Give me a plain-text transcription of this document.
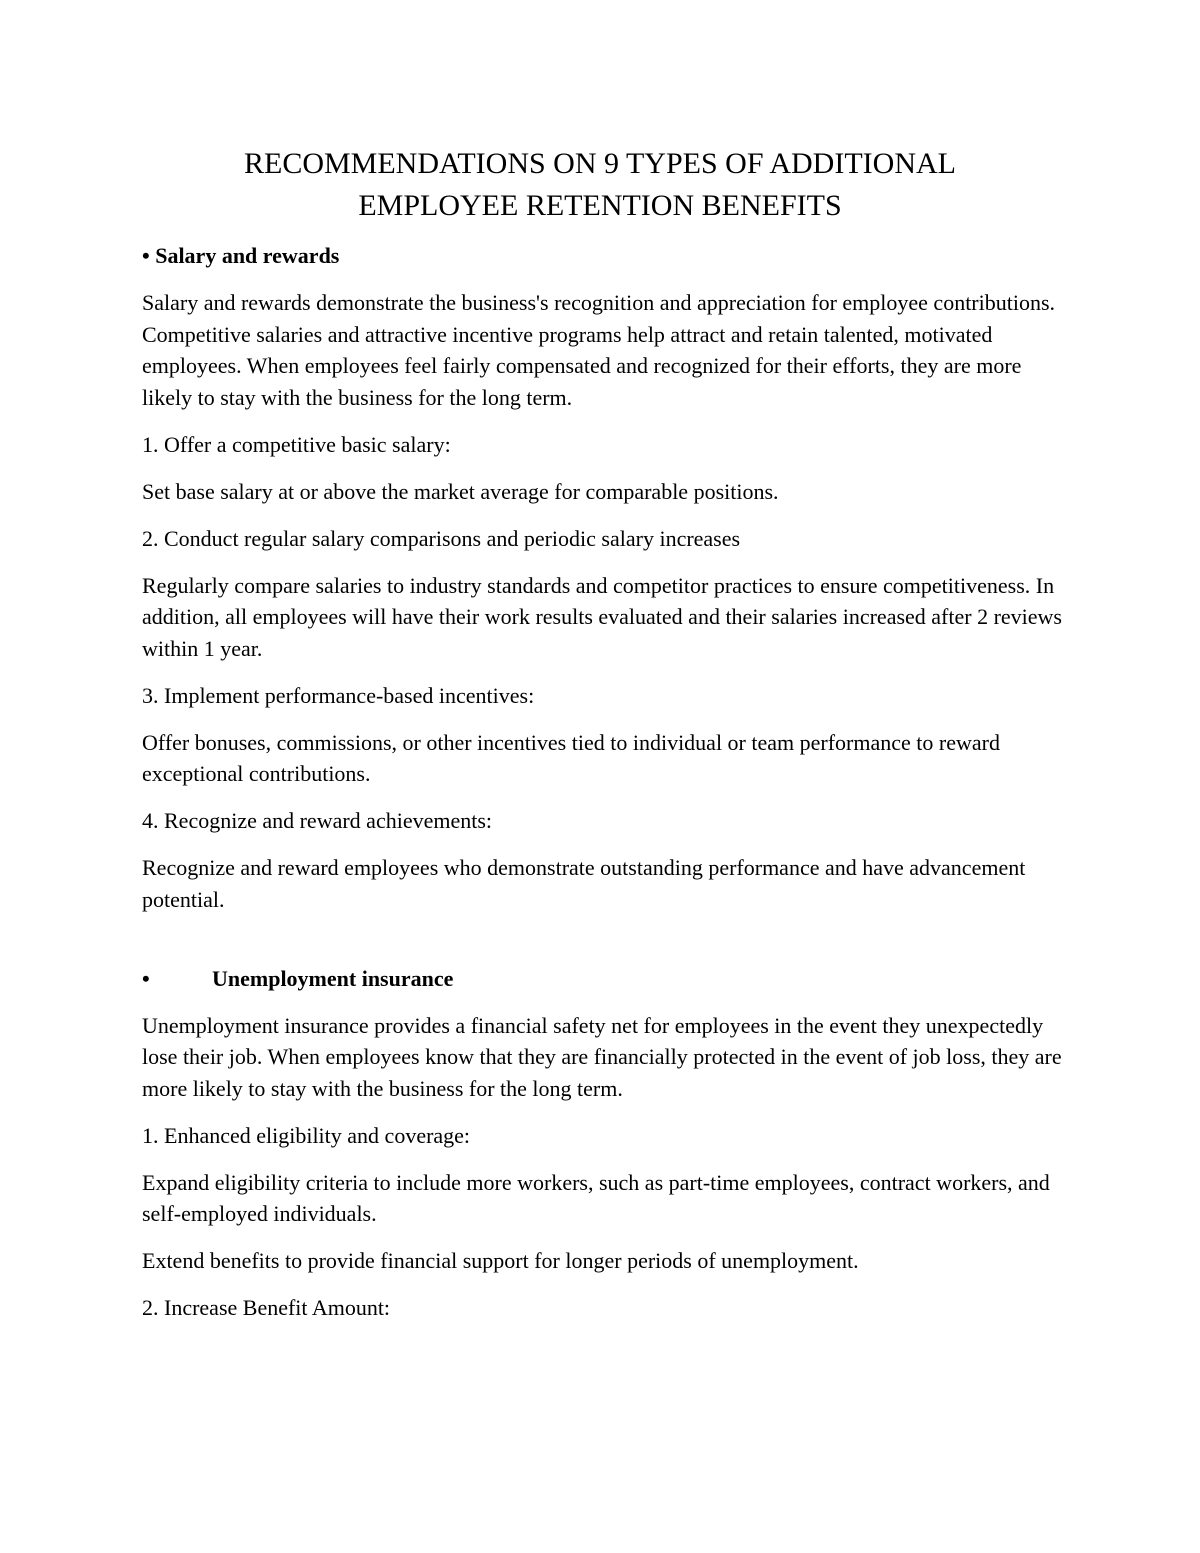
RECOMMENDATIONS ON 9 TYPES OF ADDITIONAL
EMPLOYEE RETENTION BENEFITS

• Salary and rewards

Salary and rewards demonstrate the business's recognition and appreciation for employee contributions. Competitive salaries and attractive incentive programs help attract and retain talented, motivated employees. When employees feel fairly compensated and recognized for their efforts, they are more likely to stay with the business for the long term.

1. Offer a competitive basic salary:

Set base salary at or above the market average for comparable positions.

2. Conduct regular salary comparisons and periodic salary increases

Regularly compare salaries to industry standards and competitor practices to ensure competitiveness. In addition, all employees will have their work results evaluated and their salaries increased after 2 reviews within 1 year.

3. Implement performance-based incentives:

Offer bonuses, commissions, or other incentives tied to individual or team performance to reward exceptional contributions.

4. Recognize and reward achievements:

Recognize and reward employees who demonstrate outstanding performance and have advancement potential.

•	Unemployment insurance

Unemployment insurance provides a financial safety net for employees in the event they unexpectedly lose their job. When employees know that they are financially protected in the event of job loss, they are more likely to stay with the business for the long term.

1. Enhanced eligibility and coverage:

Expand eligibility criteria to include more workers, such as part-time employees, contract workers, and self-employed individuals.

Extend benefits to provide financial support for longer periods of unemployment.

2. Increase Benefit Amount:
